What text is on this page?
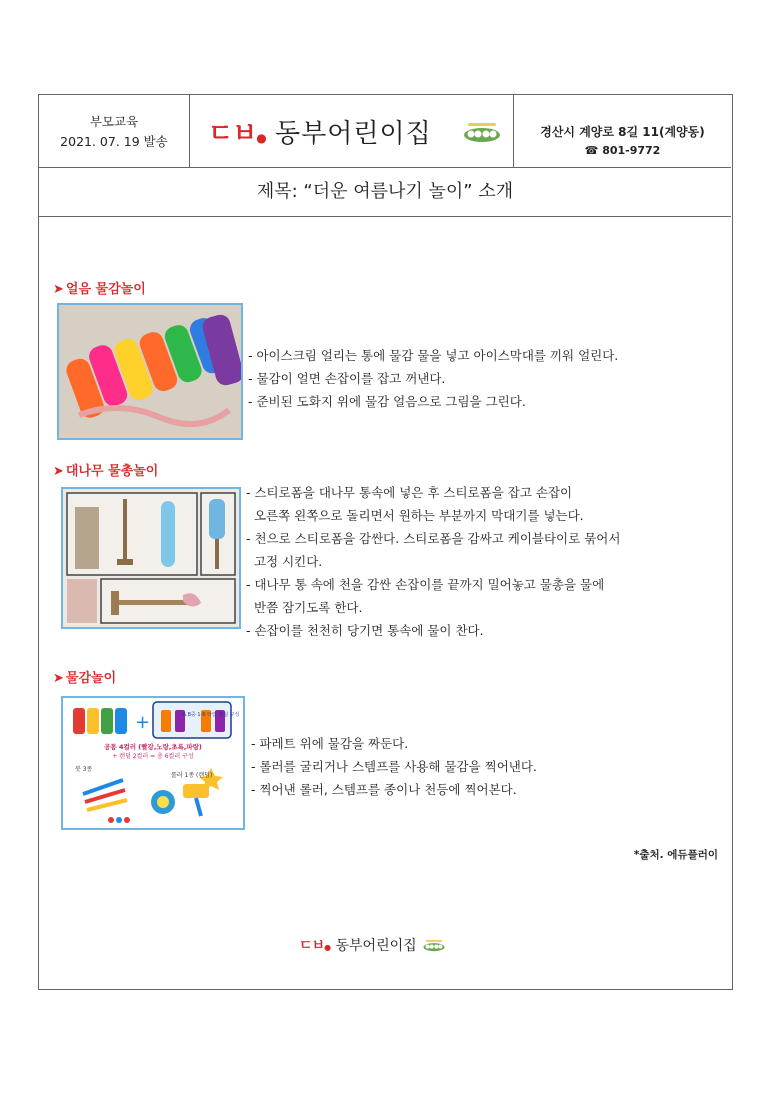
부모교육
2021. 07. 19 발송	ㄷㅂ● 동부어린이집	경산시 계양로 8길 11(계양동)
☎ 801-9772
제목: “더운 여름나기 놀이” 소개
➤ 얼음 물감놀이
- 아이스크림 얼리는 통에 물감 물을 넣고 아이스막대를 끼워 얼린다.
- 물감이 얼면 손잡이를 잡고 꺼낸다.
- 준비된 도화지 위에 물감 얼음으로 그림을 그린다.
➤ 대나무 물총놀이
- 스티로폼을 대나무 통속에 넣은 후 스티로폼을 잡고 손잡이
오른쪽 왼쪽으로 돌리면서 원하는 부분까지 막대기를 넣는다.
- 천으로 스티로폼을 감싼다. 스티로폼을 감싸고 케이블타이로 묶어서
고정 시킨다.
- 대나무 통 속에 천을 감싼 손잡이를 끝까지 밀어놓고 물총을 물에
반쯤 잠기도록 한다.
- 손잡이를 천천히 당기면 통속에 물이 찬다.
➤ 물감놀이
+	A.B중 1-6 타입 랜덤 구성
공통 4컬러 (빨강,노랑,초록,파랑)
+ 랜덤 2컬러 = 총 6컬러 구성
붓 3종
롤러 1종 (랜덤)
- 파레트 위에 물감을 짜둔다.
- 롤러를 굴리거나 스템프를 사용해 물감을 찍어낸다.
- 찍어낸 롤러, 스템프를 종이나 천등에 찍어본다.
*출처. 에듀플러이
ㄷㅂ● 동부어린이집
